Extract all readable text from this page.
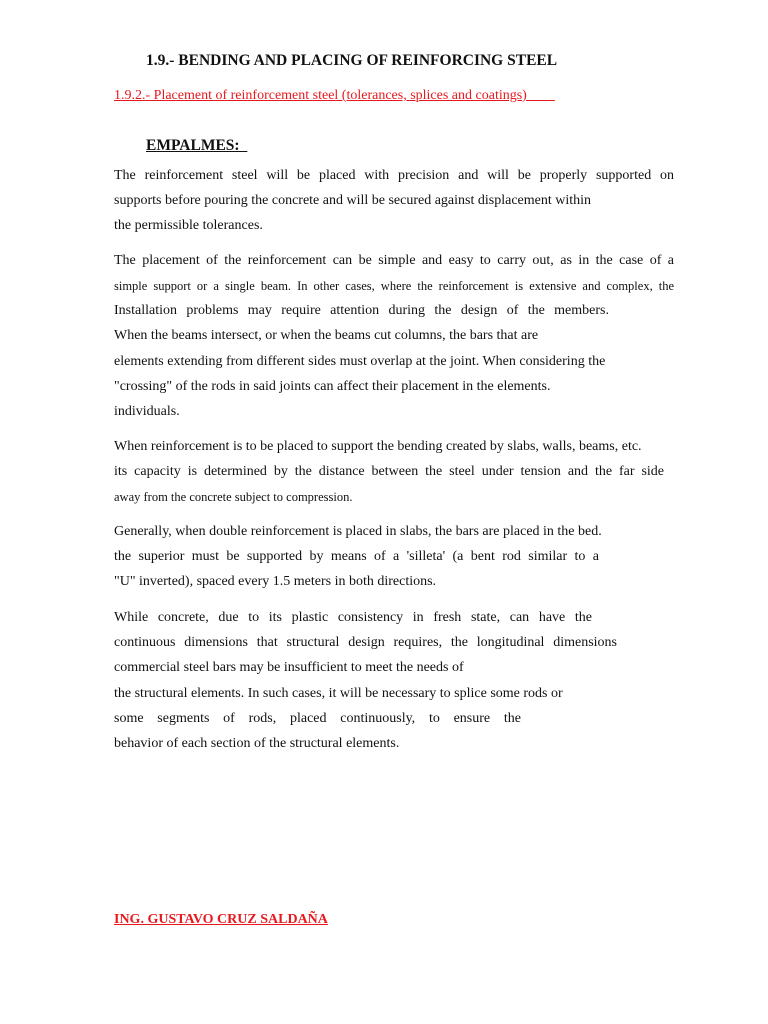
1.9.- BENDING AND PLACING OF REINFORCING STEEL
1.9.2.- Placement of reinforcement steel (tolerances, splices and coatings)
EMPALMES:
The reinforcement steel will be placed with precision and will be properly supported on
supports before pouring the concrete and will be secured against displacement within
the permissible tolerances.
The placement of the reinforcement can be simple and easy to carry out, as in the case of a
simple support or a single beam. In other cases, where the reinforcement is extensive and complex, the
Installation problems may require attention during the design of the members.
When the beams intersect, or when the beams cut columns, the bars that are
elements extending from different sides must overlap at the joint. When considering the
"crossing" of the rods in said joints can affect their placement in the elements.
individuals.
When reinforcement is to be placed to support the bending created by slabs, walls, beams, etc.
its capacity is determined by the distance between the steel under tension and the far side
away from the concrete subject to compression.
Generally, when double reinforcement is placed in slabs, the bars are placed in the bed.
the superior must be supported by means of a 'silleta' (a bent rod similar to a
"U" inverted), spaced every 1.5 meters in both directions.
While concrete, due to its plastic consistency in fresh state, can have the
continuous dimensions that structural design requires, the longitudinal dimensions
commercial steel bars may be insufficient to meet the needs of
the structural elements. In such cases, it will be necessary to splice some rods or
some segments of rods, placed continuously, to ensure the
behavior of each section of the structural elements.
ING. GUSTAVO CRUZ SALDAÑA
